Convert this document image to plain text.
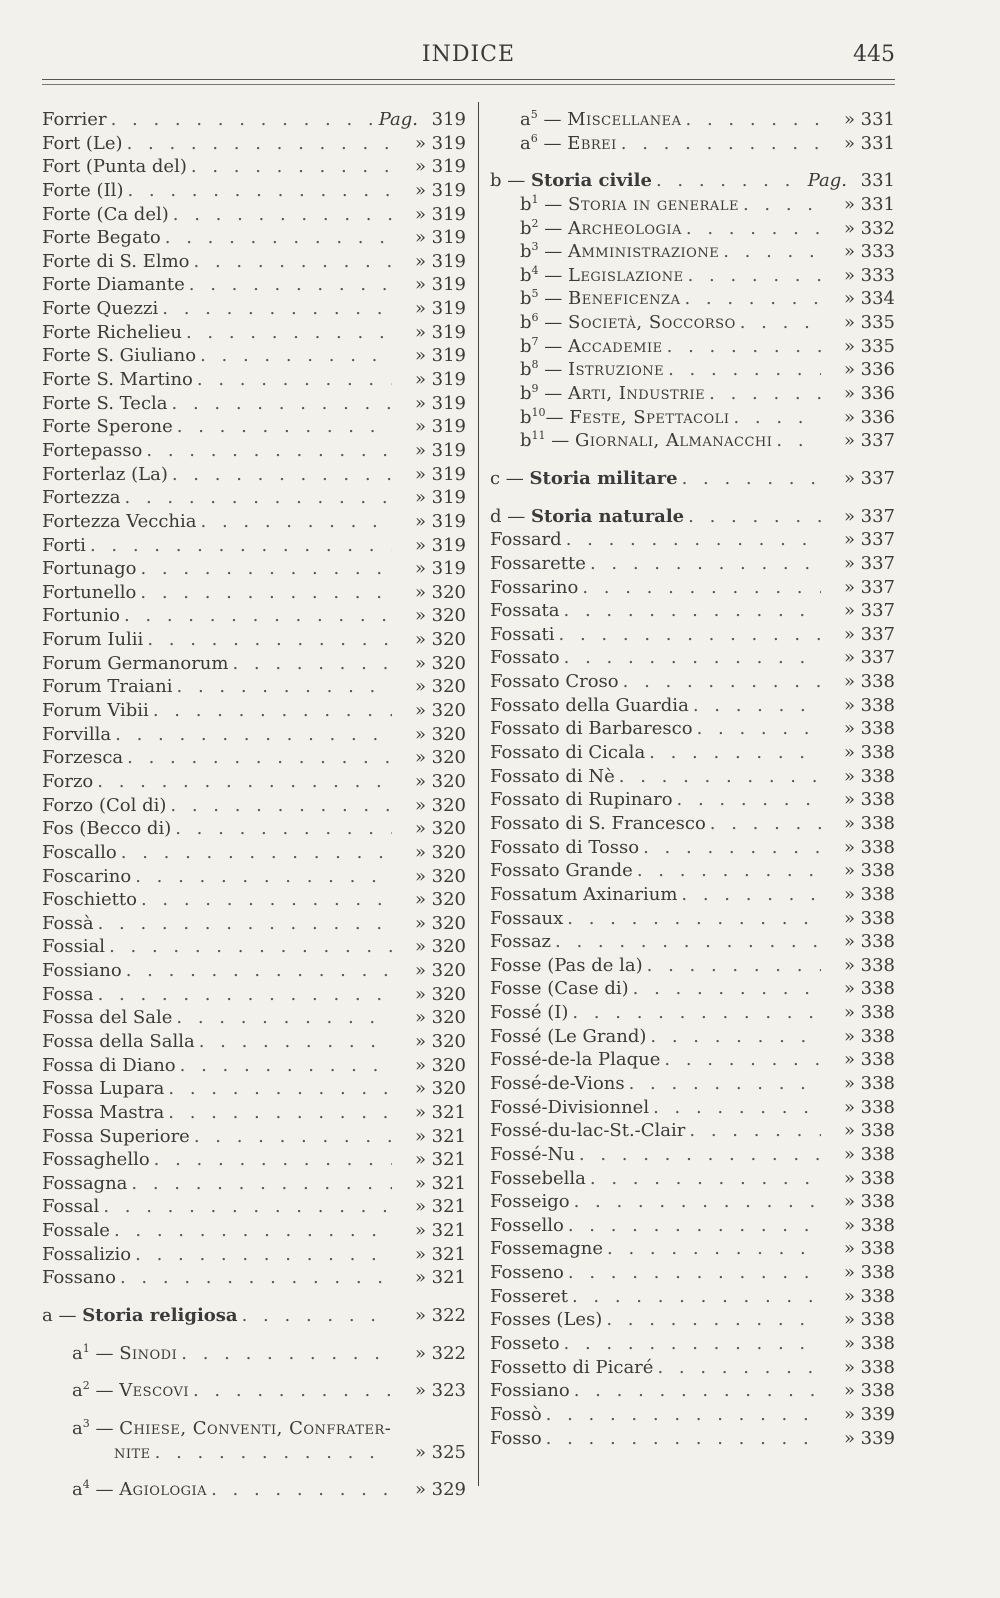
INDICE	445
Forrier . . .	Pag. 319
Fort (Le) . . .	» 319
Fort (Punta del) . . .	» 319
Forte (Il) . . .	» 319
Forte (Ca del) . . .	» 319
Forte Begato . . .	» 319
Forte di S. Elmo . . .	» 319
Forte Diamante . . .	» 319
Forte Quezzi . . .	» 319
Forte Richelieu . . .	» 319
Forte S. Giuliano . . .	» 319
Forte S. Martino . . .	» 319
Forte S. Tecla . . .	» 319
Forte Sperone . . .	» 319
Fortepasso . . .	» 319
Forterlaz (La) . . .	» 319
Fortezza . . .	» 319
Fortezza Vecchia . . .	» 319
Forti . . .	» 319
Fortunago . . .	» 319
Fortunello . . .	» 320
Fortunio . . .	» 320
Forum Iulii . . .	» 320
Forum Germanorum . . .	» 320
Forum Traiani . . .	» 320
Forum Vibii . . .	» 320
Forvilla . . .	» 320
Forzesca . . .	» 320
Forzo . . .	» 320
Forzo (Col di) . . .	» 320
Fos (Becco di) . . .	» 320
Foscallo . . .	» 320
Foscarino . . .	» 320
Foschietto . . .	» 320
Fossà . . .	» 320
Fossial . . .	» 320
Fossiano . . .	» 320
Fossa . . .	» 320
Fossa del Sale . . .	» 320
Fossa della Salla . . .	» 320
Fossa di Diano . . .	» 320
Fossa Lupara . . .	» 320
Fossa Mastra . . .	» 321
Fossa Superiore . . .	» 321
Fossaghello . . .	» 321
Fossagna . . .	» 321
Fossal . . .	» 321
Fossale . . .	» 321
Fossalizio . . .	» 321
Fossano . . .	» 321
a — Storia religiosa . . .	» 322
$a^1$ — Sinodi . . .	» 322
$a^2$ — Vescovi . . .	» 323
$a^3$ — Chiese, Conventi, Confrater-
nite . . .	» 325
$a^4$ — Agiologia . . .	» 329
$a^5$ — Miscellanea . . .	» 331
$a^6$ — Ebrei . . .	» 331
b — Storia civile . . .	Pag. 331
$b^1$ — Storia in generale . . .	» 331
$b^2$ — Archeologia . . .	» 332
$b^3$ — Amministrazione . . .	» 333
$b^4$ — Legislazione . . .	» 333
$b^5$ — Beneficenza . . .	» 334
$b^6$ — Società, Soccorso . . .	» 335
$b^7$ — Accademie . . .	» 335
$b^8$ — Istruzione . . .	» 336
$b^9$ — Arti, Industrie . . .	» 336
$b^{10}—$ Feste, Spettacoli . . .	» 336
$b^{11}$ — Giornali, Almanacchi . . .	» 337
c — Storia militare . . .	» 337
d — Storia naturale . . .	» 337
Fossard . . .	» 337
Fossarette . . .	» 337
Fossarino . . .	» 337
Fossata . . .	» 337
Fossati . . .	» 337
Fossato . . .	» 337
Fossato Croso . . .	» 338
Fossato della Guardia . . .	» 338
Fossato di Barbaresco . . .	» 338
Fossato di Cicala . . .	» 338
Fossato di Nè . . .	» 338
Fossato di Rupinaro . . .	» 338
Fossato di S. Francesco . . .	» 338
Fossato di Tosso . . .	» 338
Fossato Grande . . .	» 338
Fossatum Axinarium . . .	» 338
Fossaux . . .	» 338
Fossaz . . .	» 338
Fosse (Pas de la) . . .	» 338
Fosse (Case di) . . .	» 338
Fossé (I) . . .	» 338
Fossé (Le Grand) . . .	» 338
Fossé-de-la Plaque . . .	» 338
Fossé-de-Vions . . .	» 338
Fossé-Divisionnel . . .	» 338
Fossé-du-lac-St.-Clair . . .	» 338
Fossé-Nu . . .	» 338
Fossebella . . .	» 338
Fosseigo . . .	» 338
Fossello . . .	» 338
Fossemagne . . .	» 338
Fosseno . . .	» 338
Fosseret . . .	» 338
Fosses (Les) . . .	» 338
Fosseto . . .	» 338
Fossetto di Picaré . . .	» 338
Fossiano . . .	» 338
Fossò . . .	» 339
Fosso . . .	» 339
